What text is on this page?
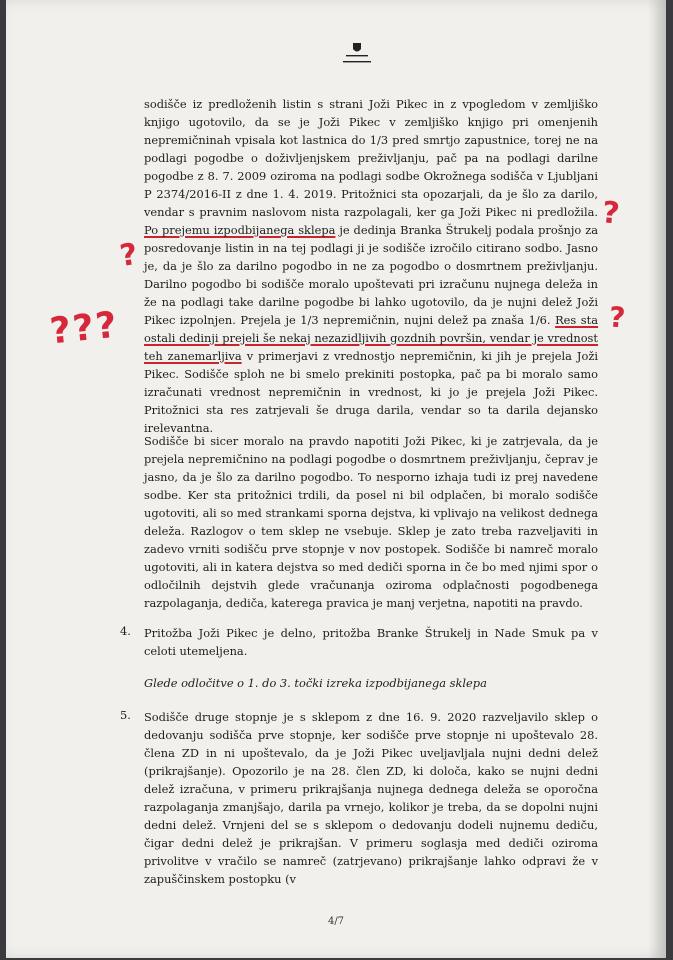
sodišče iz predloženih listin s strani Joži Pikec in z vpogledom v zemljiško knjigo ugotovilo, da se je Joži Pikec v zemljiško knjigo pri omenjenih nepremičninah vpisala kot lastnica do 1/3 pred smrtjo zapustnice, torej ne na podlagi pogodbe o doživljenjskem preživljanju, pač pa na podlagi darilne pogodbe z 8. 7. 2009 oziroma na podlagi sodbe Okrožnega sodišča v Ljubljani P 2374/2016-II z dne 1. 4. 2019. Pritožnici sta opozarjali, da je šlo za darilo, vendar s pravnim naslovom nista razpolagali, ker ga Joži Pikec ni predložila. Po prejemu izpodbijanega sklepa je dedinja Branka Štrukelj podala prošnjo za posredovanje listin in na tej podlagi ji je sodišče izročilo citirano sodbo. Jasno je, da je šlo za darilno pogodbo in ne za pogodbo o dosmrtnem preživljanju. Darilno pogodbo bi sodišče moralo upoštevati pri izračunu nujnega deleža in že na podlagi take darilne pogodbe bi lahko ugotovilo, da je nujni delež Joži Pikec izpolnjen. Prejela je 1/3 nepremičnin, nujni delež pa znaša 1/6. Res sta ostali dedinji prejeli še nekaj nezazidljivih gozdnih površin, vendar je vrednost teh zanemarljiva v primerjavi z vrednostjo nepremičnin, ki jih je prejela Joži Pikec. Sodišče sploh ne bi smelo prekiniti postopka, pač pa bi moralo samo izračunati vrednost nepremičnin in vrednost, ki jo je prejela Joži Pikec. Pritožnici sta res zatrjevali še druga darila, vendar so ta darila dejansko irelevantna.

Sodišče bi sicer moralo na pravdo napotiti Joži Pikec, ki je zatrjevala, da je prejela nepremičnino na podlagi pogodbe o dosmrtnem preživljanju, čeprav je jasno, da je šlo za darilno pogodbo. To nesporno izhaja tudi iz prej navedene sodbe. Ker sta pritožnici trdili, da posel ni bil odplačen, bi moralo sodišče ugotoviti, ali so med strankami sporna dejstva, ki vplivajo na velikost dednega deleža. Razlogov o tem sklep ne vsebuje. Sklep je zato treba razveljaviti in zadevo vrniti sodišču prve stopnje v nov postopek. Sodišče bi namreč moralo ugotoviti, ali in katera dejstva so med dediči sporna in če bo med njimi spor o odločilnih dejstvih glede vračunanja oziroma odplačnosti pogodbenega razpolaganja, dediča, katerega pravica je manj verjetna, napotiti na pravdo.

4. Pritožba Joži Pikec je delno, pritožba Branke Štrukelj in Nade Smuk pa v celoti utemeljena.

Glede odločitve o 1. do 3. točki izreka izpodbijanega sklepa
5. Sodišče druge stopnje je s sklepom z dne 16. 9. 2020 razveljavilo sklep o dedovanju sodišča prve stopnje, ker sodišče prve stopnje ni upoštevalo 28. člena ZD in ni upoštevalo, da je Joži Pikec uveljavljala nujni dedni delež (prikrajšanje). Opozorilo je na 28. člen ZD, ki določa, kako se nujni dedni delež izračuna, v primeru prikrajšanja nujnega dednega deleža se oporočna razpolaganja zmanjšajo, darila pa vrnejo, kolikor je treba, da se dopolni nujni dedni delež. Vrnjeni del se s sklepom o dedovanju dodeli nujnemu dediču, čigar dedni delež je prikrajšan. V primeru soglasja med dediči oziroma privolitve v vračilo se namreč (zatrjevano) prikrajšanje lahko odpravi že v zapuščinskem postopku (v

4/7
?
?
???	?
